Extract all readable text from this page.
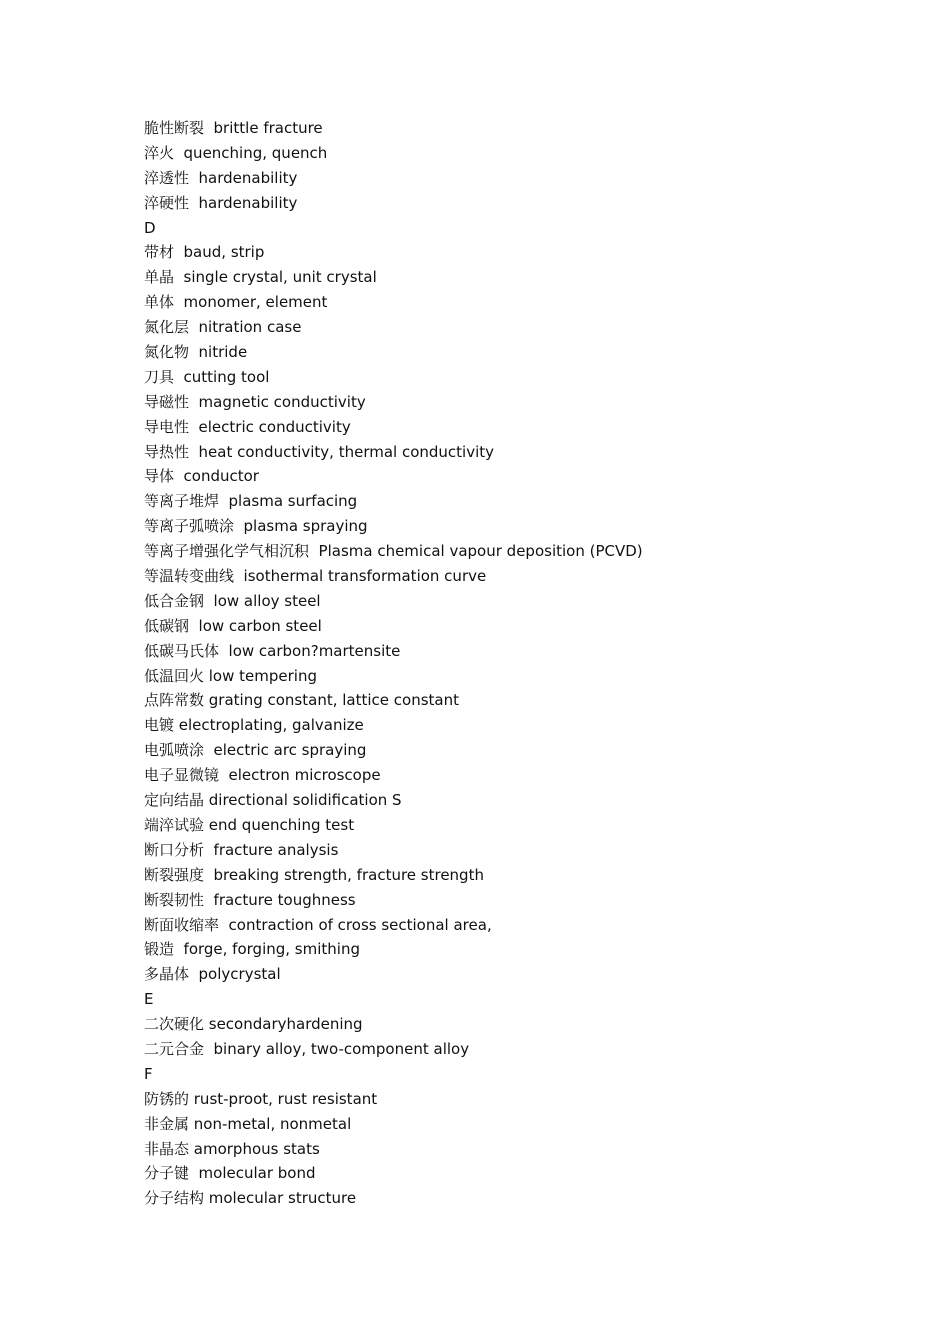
脆性断裂  brittle fracture
淬火  quenching, quench
淬透性  hardenability
淬硬性  hardenability
D
带材  baud, strip
单晶  single crystal, unit crystal
单体  monomer, element
氮化层  nitration case
氮化物  nitride
刀具  cutting tool
导磁性  magnetic conductivity
导电性  electric conductivity
导热性  heat conductivity, thermal conductivity
导体  conductor
等离子堆焊  plasma surfacing
等离子弧喷涂  plasma spraying
等离子增强化学气相沉积  Plasma chemical vapour deposition (PCVD)
等温转变曲线  isothermal transformation curve
低合金钢  low alloy steel
低碳钢  low carbon steel
低碳马氏体  low carbon?martensite
低温回火 low tempering
点阵常数 grating constant, lattice constant
电镀 electroplating, galvanize
电弧喷涂  electric arc spraying
电子显微镜  electron microscope
定向结晶 directional solidification S
端淬试验 end quenching test
断口分析  fracture analysis
断裂强度  breaking strength, fracture strength
断裂韧性  fracture toughness
断面收缩率  contraction of cross sectional area,
锻造  forge, forging, smithing
多晶体  polycrystal
E
二次硬化 secondaryhardening
二元合金  binary alloy, two-component alloy
F
防锈的 rust-proot, rust resistant
非金属 non-metal, nonmetal
非晶态 amorphous stats
分子键  molecular bond
分子结构 molecular structure
